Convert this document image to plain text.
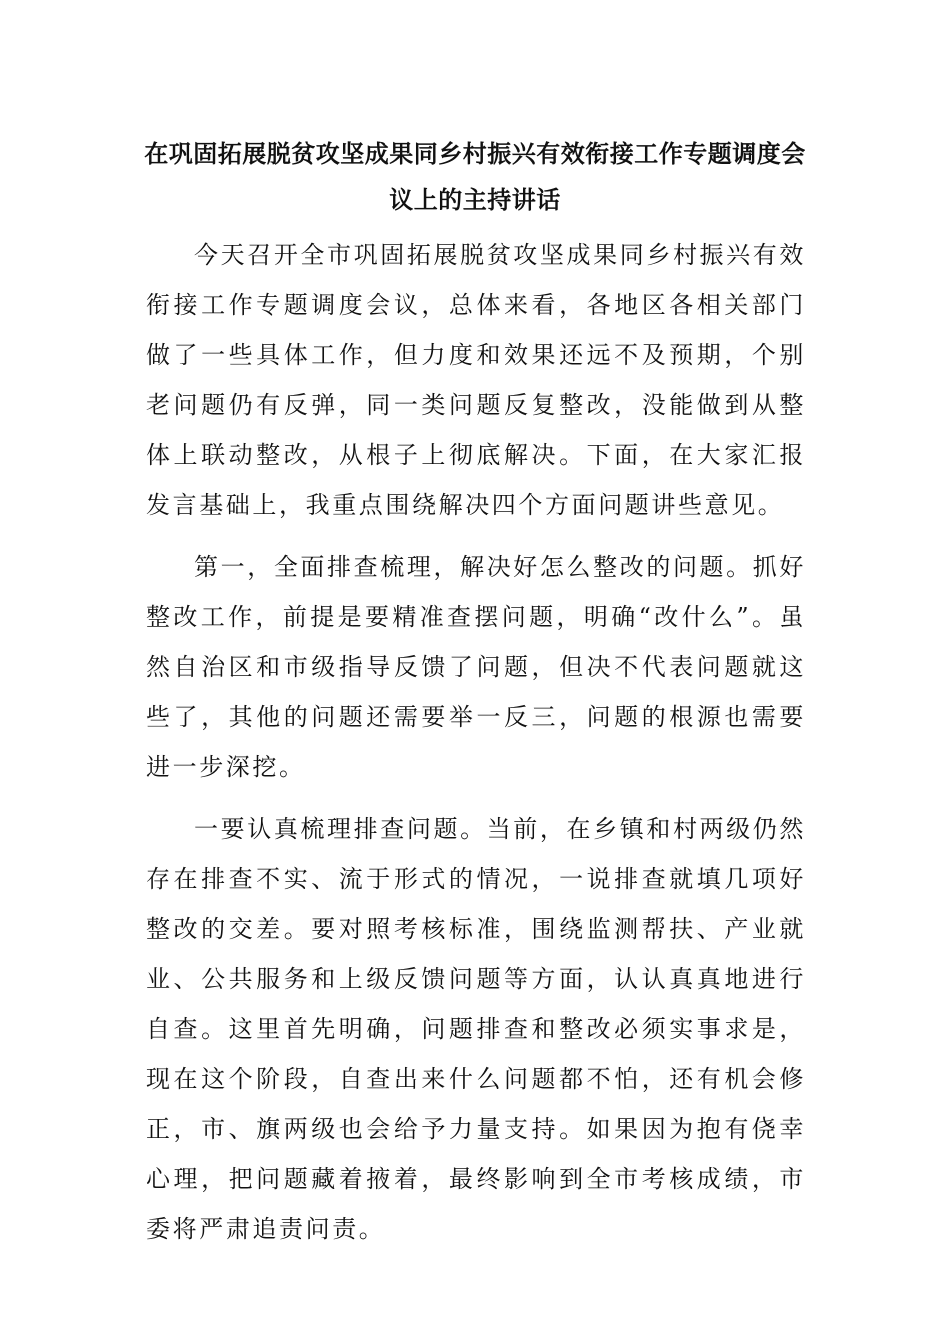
在巩固拓展脱贫攻坚成果同乡村振兴有效衔接工作专题调度会议上的主持讲话

今天召开全市巩固拓展脱贫攻坚成果同乡村振兴有效衔接工作专题调度会议，总体来看，各地区各相关部门做了一些具体工作，但力度和效果还远不及预期，个别老问题仍有反弹，同一类问题反复整改，没能做到从整体上联动整改，从根子上彻底解决。下面，在大家汇报发言基础上，我重点围绕解决四个方面问题讲些意见。

第一，全面排查梳理，解决好怎么整改的问题。抓好整改工作，前提是要精准查摆问题，明确“改什么”。虽然自治区和市级指导反馈了问题，但决不代表问题就这些了，其他的问题还需要举一反三，问题的根源也需要进一步深挖。

一要认真梳理排查问题。当前，在乡镇和村两级仍然存在排查不实、流于形式的情况，一说排查就填几项好整改的交差。要对照考核标准，围绕监测帮扶、产业就业、公共服务和上级反馈问题等方面，认认真真地进行自查。这里首先明确，问题排查和整改必须实事求是，现在这个阶段，自查出来什么问题都不怕，还有机会修正，市、旗两级也会给予力量支持。如果因为抱有侥幸心理，把问题藏着掖着，最终影响到全市考核成绩，市委将严肃追责问责。
